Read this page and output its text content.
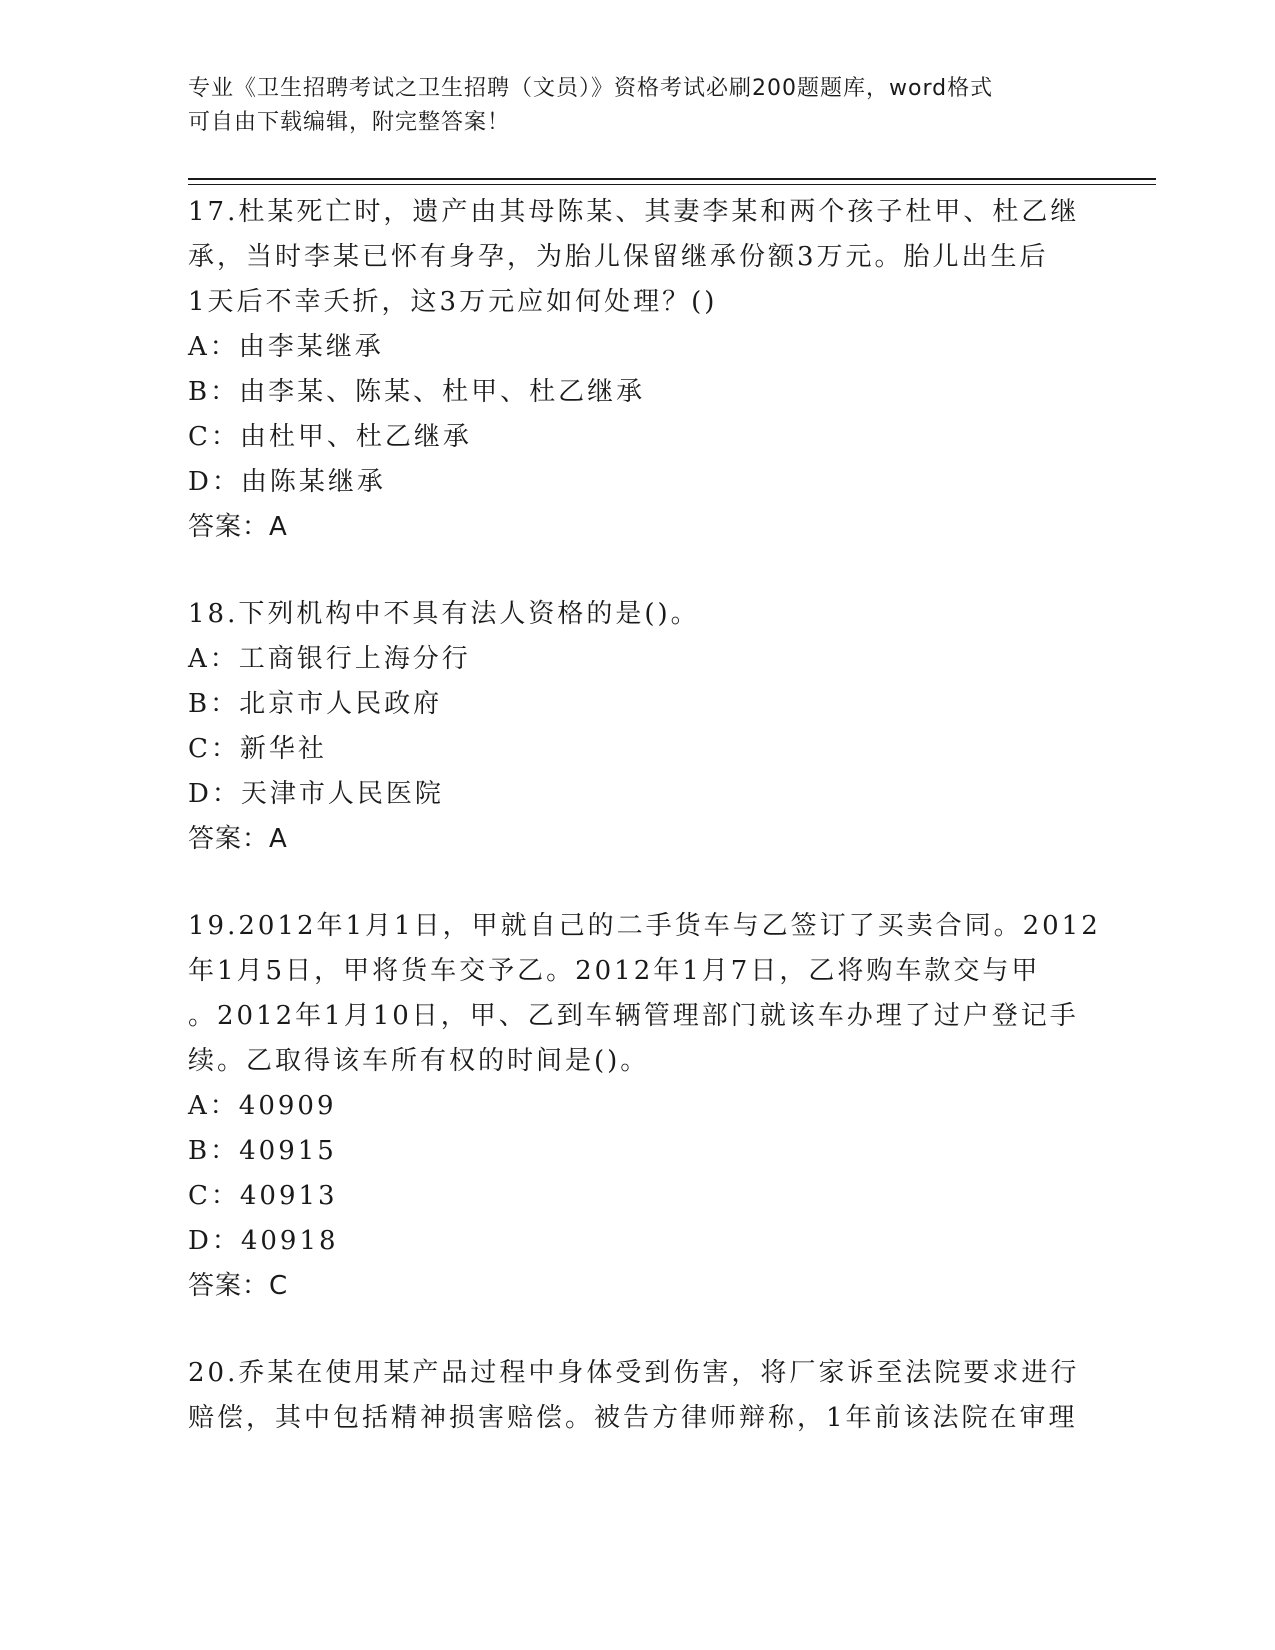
专业《卫生招聘考试之卫生招聘（文员）》资格考试必刷200题题库，word格式
可自由下载编辑，附完整答案！
17.杜某死亡时，遗产由其母陈某、其妻李某和两个孩子杜甲、杜乙继
承，当时李某已怀有身孕，为胎儿保留继承份额3万元。胎儿出生后
1天后不幸夭折，这3万元应如何处理？()
A：由李某继承
B：由李某、陈某、杜甲、杜乙继承
C：由杜甲、杜乙继承
D：由陈某继承
答案：A
18.下列机构中不具有法人资格的是()。
A：工商银行上海分行
B：北京市人民政府
C：新华社
D：天津市人民医院
答案：A
19.2012年1月1日，甲就自己的二手货车与乙签订了买卖合同。2012
年1月5日，甲将货车交予乙。2012年1月7日，乙将购车款交与甲
。2012年1月10日，甲、乙到车辆管理部门就该车办理了过户登记手
续。乙取得该车所有权的时间是()。
A：40909
B：40915
C：40913
D：40918
答案：C
20.乔某在使用某产品过程中身体受到伤害，将厂家诉至法院要求进行
赔偿，其中包括精神损害赔偿。被告方律师辩称，1年前该法院在审理
